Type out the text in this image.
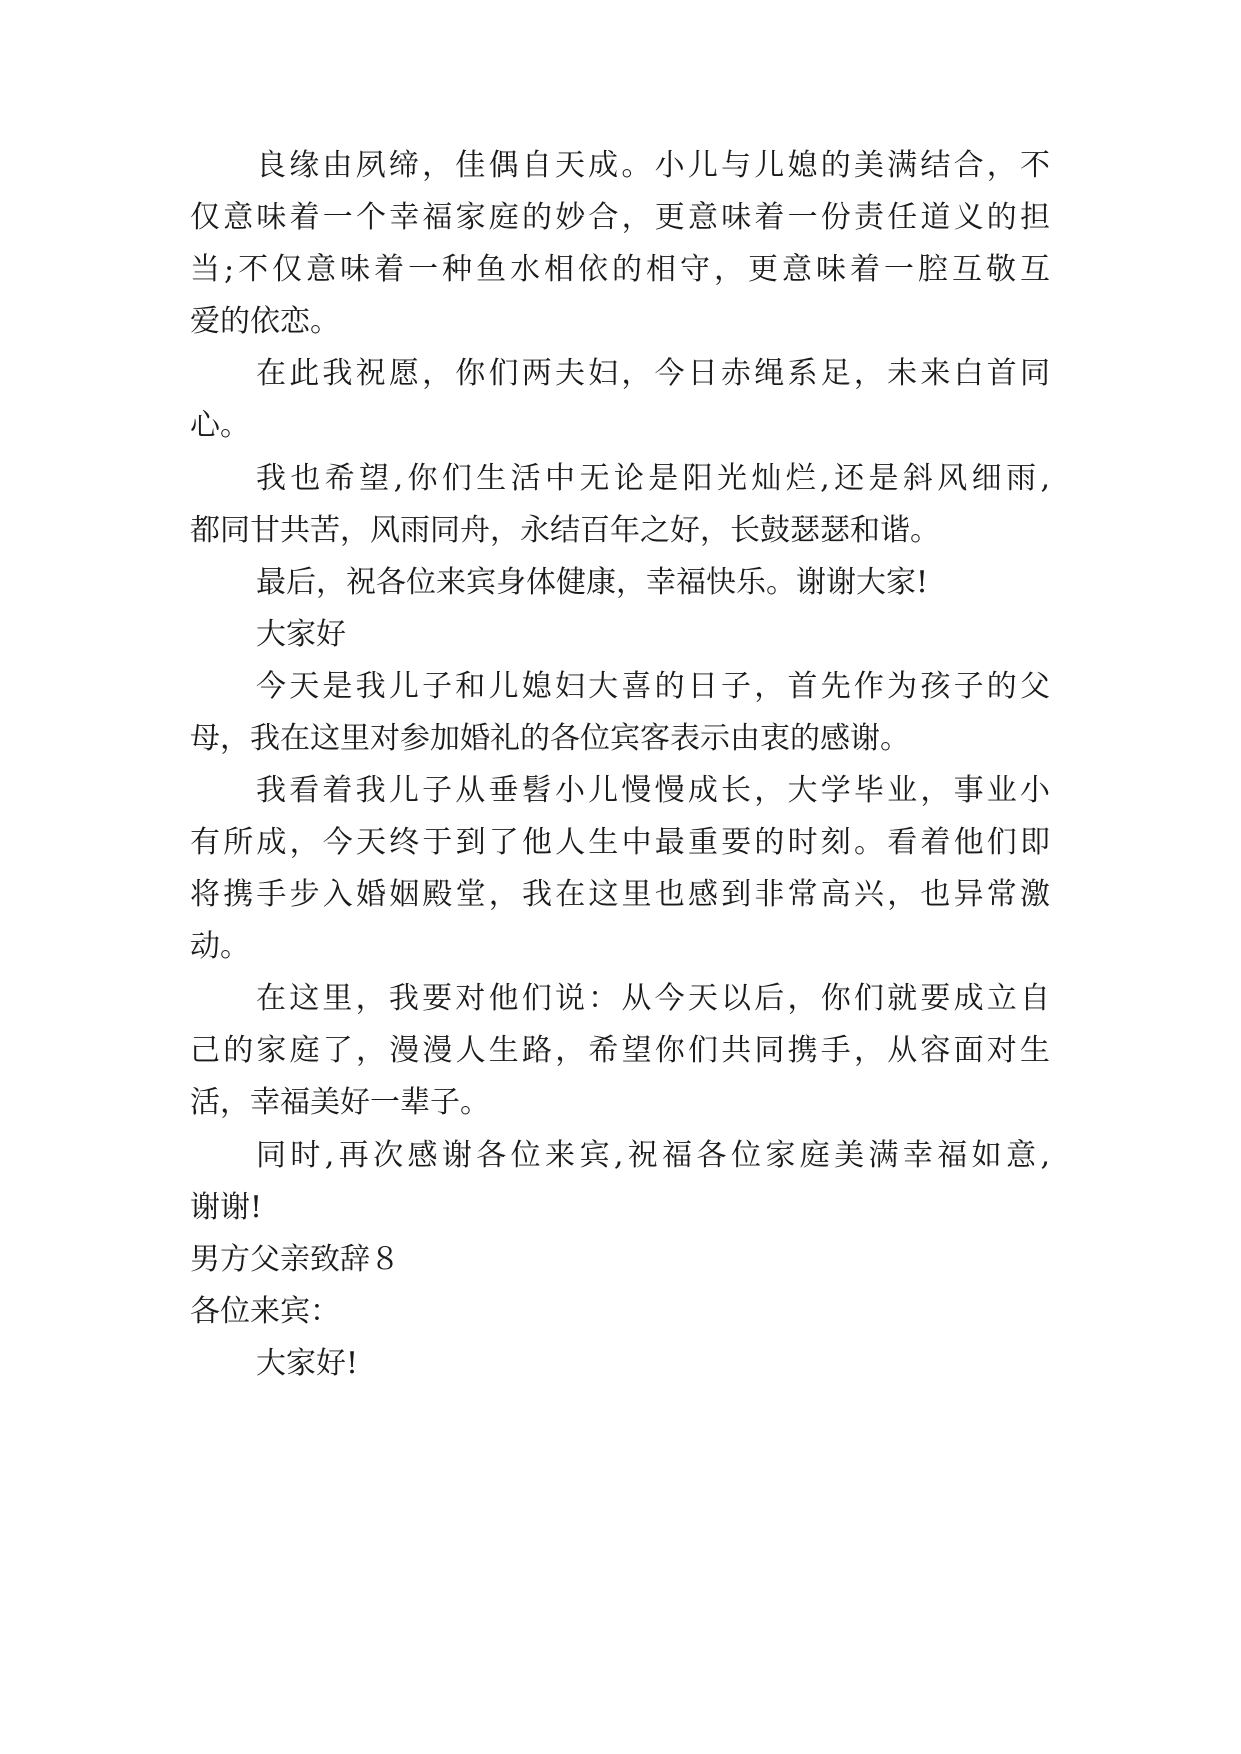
良缘由夙缔，佳偶自天成。小儿与儿媳的美满结合，不
仅意味着一个幸福家庭的妙合，更意味着一份责任道义的担
当;不仅意味着一种鱼水相依的相守，更意味着一腔互敬互
爱的依恋。
在此我祝愿，你们两夫妇，今日赤绳系足，未来白首同
心。
我也希望,你们生活中无论是阳光灿烂,还是斜风细雨,
都同甘共苦，风雨同舟，永结百年之好，长鼓瑟瑟和谐。
最后，祝各位来宾身体健康，幸福快乐。谢谢大家!
大家好
今天是我儿子和儿媳妇大喜的日子，首先作为孩子的父
母，我在这里对参加婚礼的各位宾客表示由衷的感谢。
我看着我儿子从垂髫小儿慢慢成长，大学毕业，事业小
有所成，今天终于到了他人生中最重要的时刻。看着他们即
将携手步入婚姻殿堂，我在这里也感到非常高兴，也异常激
动。
在这里，我要对他们说：从今天以后，你们就要成立自
己的家庭了，漫漫人生路，希望你们共同携手，从容面对生
活，幸福美好一辈子。
同时,再次感谢各位来宾,祝福各位家庭美满幸福如意,
谢谢!
男方父亲致辞８
各位来宾：
大家好!
